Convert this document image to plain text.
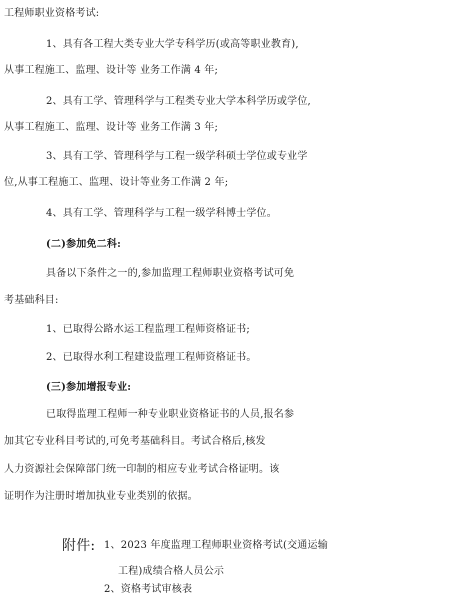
工程师职业资格考试:
1、具有各工程大类专业大学专科学历(或高等职业教育),
从事工程施工、监理、设计等 业务工作满 4 年;
2、具有工学、管理科学与工程类专业大学本科学历或学位,
从事工程施工、监理、设计等 业务工作满 3 年;
3、具有工学、管理科学与工程一级学科硕士学位或专业学
位,从事工程施工、监理、设计等业务工作满 2 年;
4、具有工学、管理科学与工程一级学科博士学位。
(二)参加免二科:
具备以下条件之一的,参加监理工程师职业资格考试可免
考基础科目:
1、已取得公路水运工程监理工程师资格证书;
2、已取得水利工程建设监理工程师资格证书。
(三)参加增报专业:
已取得监理工程师一种专业职业资格证书的人员,报名参
加其它专业科目考试的,可免考基础科目。考试合格后,核发
人力资源社会保障部门统一印制的相应专业考试合格证明。该
证明作为注册时增加执业专业类别的依据。
附件: 1、2023 年度监理工程师职业资格考试(交通运输
工程)成绩合格人员公示
2、资格考试审核表
